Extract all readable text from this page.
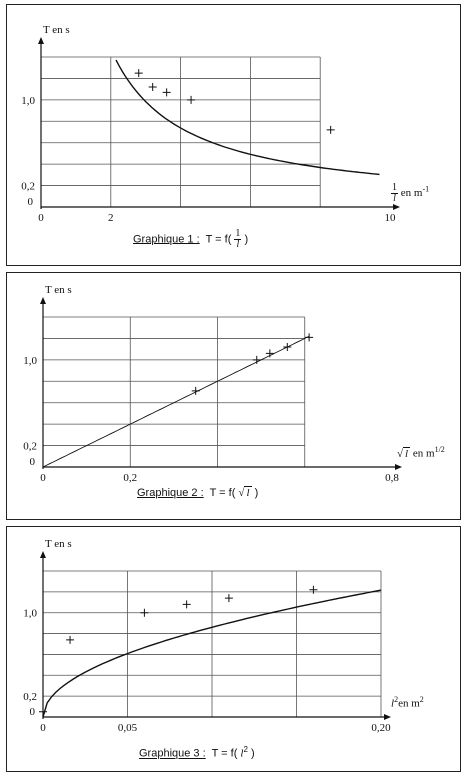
T en s
0	2	10
0,2
1,0
0	$\frac{1}{l}$ en $m^{-1}$
Graphique 1 : $T = f( \frac{1}{l}$ )
T en s
0	0,2	0,8
0,2
1,0
0
√ l en $m^{1/2}$
Graphique 2 : T = f( √ l )
T en s
0	0,05	0,20
0,2
1,0
0
$l^2en$ $m^2$
Graphique 3 : T = f( $l^2$ )
